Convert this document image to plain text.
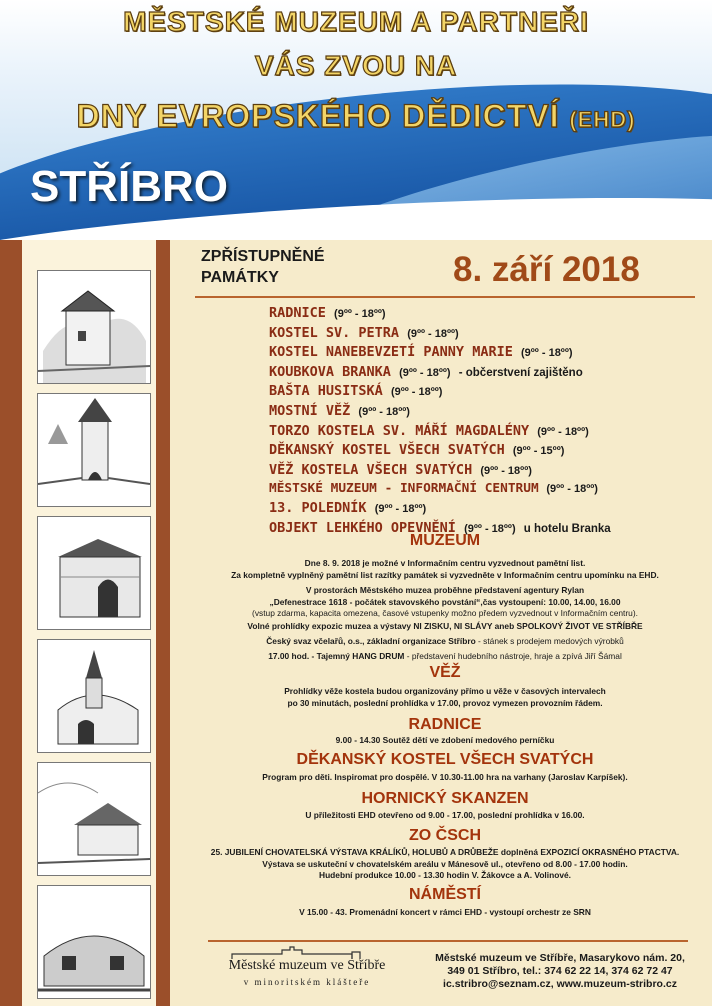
MĚSTSKÉ MUZEUM A PARTNEŘI
VÁS ZVOU NA
DNY EVROPSKÉHO DĚDICTVÍ (EHD)
STŘÍBRO
ZPŘÍSTUPNĚNÉ
PAMÁTKY	8. září 2018
RADNICE (9ºº - 18ºº)
KOSTEL SV. PETRA (9ºº - 18ºº)
KOSTEL NANEBEVZETÍ PANNY MARIE (9ºº - 18ºº)
KOUBKOVA BRANKA (9ºº - 18ºº) - občerstvení zajištěno
BAŠTA HUSITSKÁ (9ºº - 18ºº)
MOSTNÍ VĚŽ (9ºº - 18ºº)
TORZO KOSTELA SV. MÁŘÍ MAGDALÉNY (9ºº - 18ºº)
DĚKANSKÝ KOSTEL VŠECH SVATÝCH (9ºº - 15ºº)
VĚŽ KOSTELA VŠECH SVATÝCH (9ºº - 18ºº)
MĚSTSKÉ MUZEUM - INFORMAČNÍ CENTRUM (9ºº - 18ºº)
13. POLEDNÍK (9ºº - 18ºº)
OBJEKT LEHKÉHO OPEVNĚNÍ (9ºº - 18ºº) u hotelu Branka
MUZEUM
Dne 8. 9. 2018 je možné v Informačním centru vyzvednout pamětní list.
Za kompletně vyplněný pamětní list razítky památek si vyzvedněte v Informačním centru upomínku na EHD.
V prostorách Městského muzea proběhne představení agentury Rylan
„Defenestrace 1618 - počátek stavovského povstání“,čas vystoupení: 10.00, 14.00, 16.00
(vstup zdarma, kapacita omezena, časové vstupenky možno předem vyzvednout v Informačním centru).
Volné prohlídky expozic muzea a výstavy NI ZISKU, NI SLÁVY aneb SPOLKOVÝ ŽIVOT VE STŘÍBŘE
Český svaz včelařů, o.s., základní organizace Stříbro - stánek s prodejem medových výrobků
17.00 hod. - Tajemný HANG DRUM - představení hudebního nástroje, hraje a zpívá Jiří Šámal
VĚŽ
Prohlídky věže kostela budou organizovány přímo u věže v časových intervalech
po 30 minutách, poslední prohlídka v 17.00, provoz vymezen provozním řádem.
RADNICE
9.00 - 14.30 Soutěž dětí ve zdobení medového perníčku
DĚKANSKÝ KOSTEL VŠECH SVATÝCH
Program pro děti. Inspiromat pro dospělé. V 10.30-11.00 hra na varhany (Jaroslav Karpíšek).
HORNICKÝ SKANZEN
U příležitosti EHD otevřeno od 9.00 - 17.00, poslední prohlídka v 16.00.
ZO ČSCH
25. JUBILENÍ CHOVATELSKÁ VÝSTAVA KRÁLÍKŮ, HOLUBŮ A DRŮBEŽE doplněná EXPOZICÍ OKRASNÉHO PTACTVA.
Výstava se uskuteční v chovatelském areálu v Mánesově ul., otevřeno od 8.00 - 17.00 hodin.
Hudební produkce 10.00 - 13.30 hodin V. Žákovce a A. Volinové.
NÁMĚSTÍ
V 15.00 - 43. Promenádní koncert v rámci EHD - vystoupí orchestr ze SRN
Městské muzeum ve Stříbře
v minoritském klášteře
Městské muzeum ve Stříbře, Masarykovo nám. 20,
349 01 Stříbro, tel.: 374 62 22 14, 374 62 72 47
ic.stribro@seznam.cz, www.muzeum-stribro.cz
